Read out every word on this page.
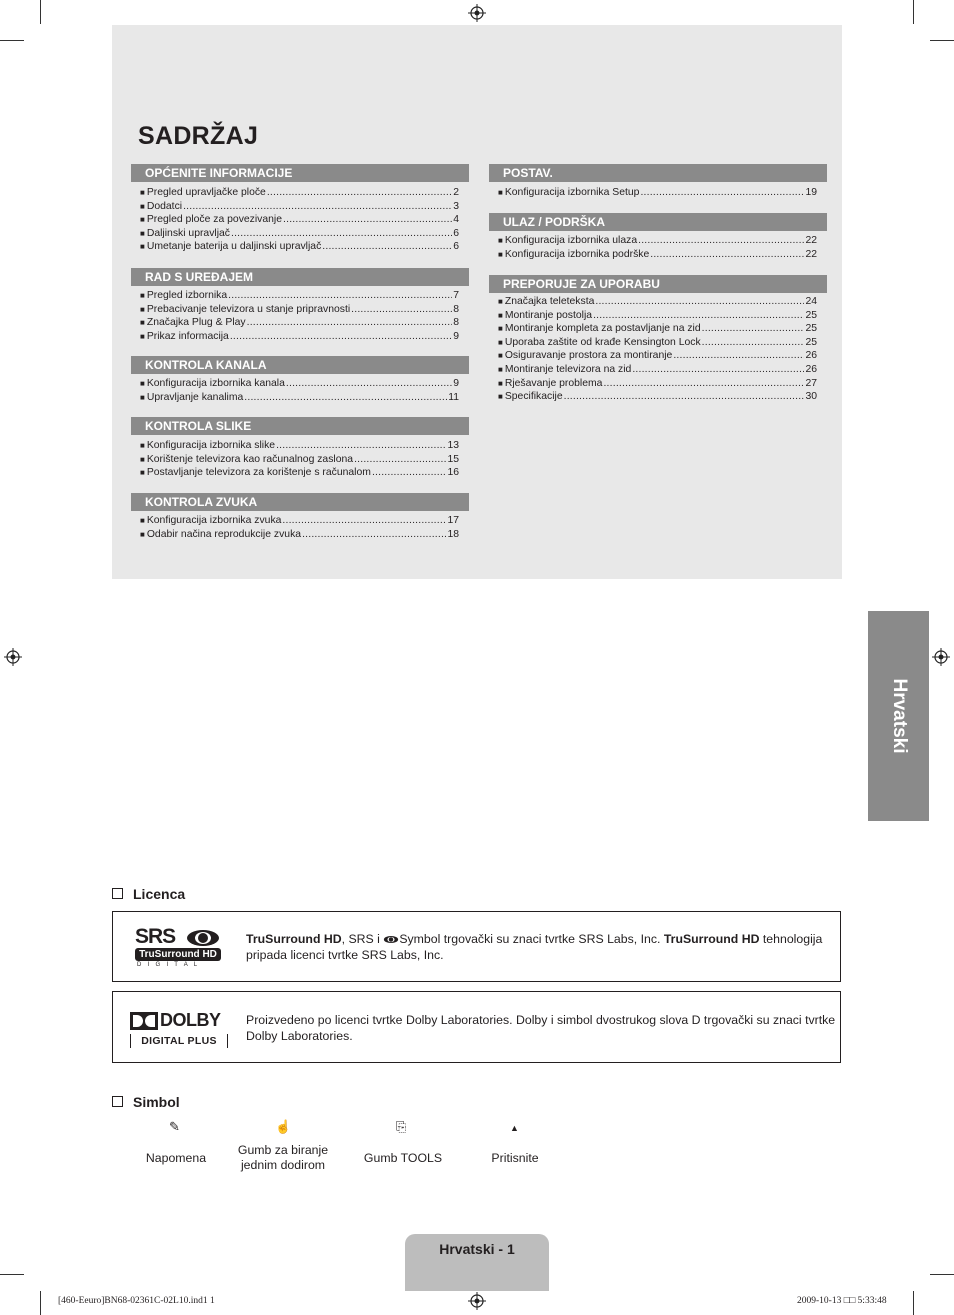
SADRŽAJ
OPĆENITE INFORMACIJE
■ Pregled upravljačke ploče .....	2
■ Dodatci .....	3
■ Pregled ploče za povezivanje .....	4
■ Daljinski upravljač .....	6
■ Umetanje baterija u daljinski upravljač .....	6
RAD S UREĐAJEM
■ Pregled izbornika .....	7
■ Prebacivanje televizora u stanje pripravnosti .....	8
■ Značajka Plug & Play .....	8
■ Prikaz informacija .....	9
KONTROLA KANALA
■ Konfiguracija izbornika kanala .....	9
■ Upravljanje kanalima .....	11
KONTROLA SLIKE
■ Konfiguracija izbornika slike .....	13
■ Korištenje televizora kao računalnog zaslona .....	15
■ Postavljanje televizora za korištenje s računalom .....	16
KONTROLA ZVUKA
■ Konfiguracija izbornika zvuka .....	17
■ Odabir načina reprodukcije zvuka .....	18
POSTAV.
■ Konfiguracija izbornika Setup .....	19
ULAZ / PODRŠKA
■ Konfiguracija izbornika ulaza .....	22
■ Konfiguracija izbornika podrške .....	22
PREPORUJE ZA UPORABU
■ Značajka teleteksta .....	24
■ Montiranje postolja .....	25
■ Montiranje kompleta za postavljanje na zid .....	25
■ Uporaba zaštite od krađe Kensington Lock .....	25
■ Osiguravanje prostora za montiranje .....	26
■ Montiranje televizora na zid .....	26
■ Rješavanje problema .....	27
■ Specifikacije .....	30
Hrvatski
Licenca
SRS
TruSurround HD
D I G I T A L
TruSurround HD, SRS i Symbol trgovački su znaci tvrtke SRS Labs, Inc. TruSurround HD tehnologija
pripada licenci tvrtke SRS Labs, Inc.
DOLBY
DIGITAL PLUS
Proizvedeno po licenci tvrtke Dolby Laboratories. Dolby i simbol dvostrukog slova D trgovački su znaci tvrtke
Dolby Laboratories.
Simbol
✎
Napomena
☝
Gumb za biranje
jednim dodirom
⎘
Gumb TOOLS
▲
Pritisnite
Hrvatski - 1
[460-Eeuro]BN68-02361C-02L10.ind1 1	2009-10-13 □□ 5:33:48
